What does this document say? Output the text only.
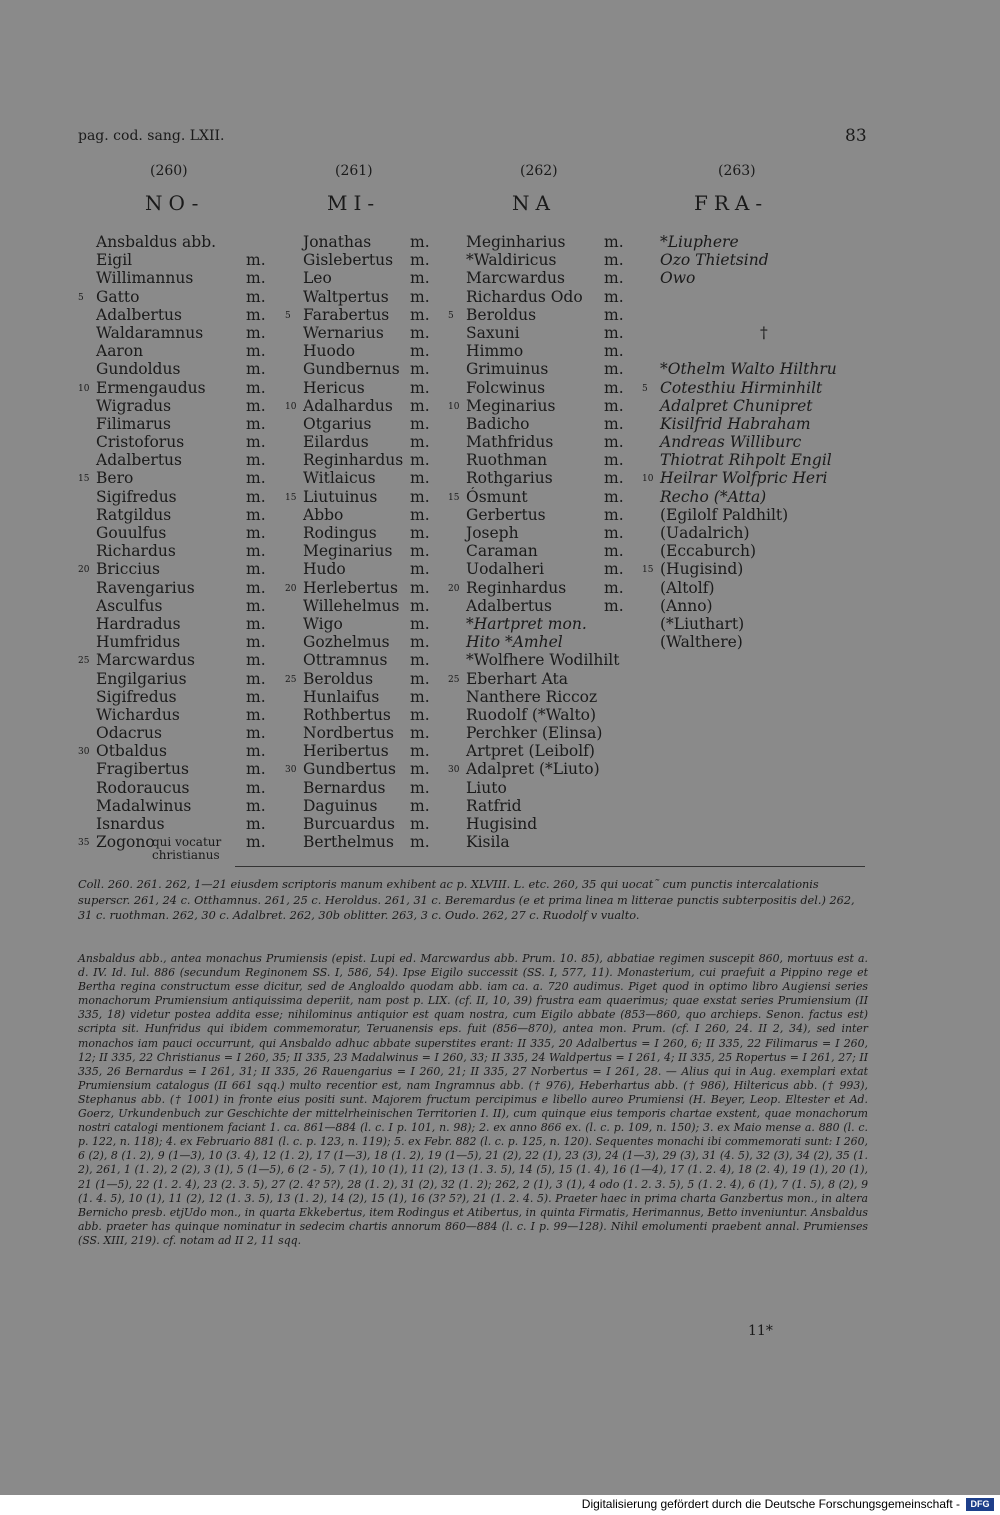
pag. cod. sang. LXII.	83
(260)	(261)	(262)	(263)
NO-	MI-	NA	FRA-
Ansbaldus abb.
Eigil	m.
Willimannus	m.
5 Gatto	m.
Adalbertus	m.
Waldaramnus	m.
Aaron	m.
Gundoldus	m.
10 Ermengaudus	m.
Wigradus	m.
Filimarus	m.
Cristoforus	m.
Adalbertus	m.
15 Bero	m.
Sigifredus	m.
Ratgildus	m.
Gouulfus	m.
Richardus	m.
20 Briccius	m.
Ravengarius	m.
Asculfus	m.
Hardradus	m.
Humfridus	m.
25 Marcwardus	m.
Engilgarius	m.
Sigifredus	m.
Wichardus	m.
Odacrus	m.
30 Otbaldus	m.
Fragibertus	m.
Rodoraucus	m.
Madalwinus	m.
Isnardus	m.
35 Zogono	m.
qui vocatur
christianus
Jonathas	m.
Gislebertus m.
Leo	m.
Waltpertus m.
5 Farabertus m.
Wernarius m.
Huodo	m.
Gundbernus m.
Hericus	m.
10 Adalhardus m.
Otgarius m.
Eilardus	m.
Reginhardus m.
Witlaicus m.
15 Liutuinus m.
Abbo	m.
Rodingus m.
Meginarius m.
Hudo	m.
20 Herlebertus m.
Willehelmus m.
Wigo	m.
Gozhelmus m.
Ottramnus m.
25 Beroldus m.
Hunlaifus m.
Rothbertus m.
Nordbertus m.
Heribertus m.
30 Gundbertus m.
Bernardus m.
Daguinus m.
Burcuardus m.
Berthelmus m.
Meginharius m.
*Waldiricus	m.
Marcwardus	m.
Richardus Odo m.
5 Beroldus	m.
Saxuni	m.
Himmo	m.
Grimuinus	m.
Folcwinus	m.
10 Meginarius	m.
Badicho	m.
Mathfridus	m.
Ruothman	m.
Rothgarius	m.
15 Ósmunt	m.
Gerbertus	m.
Joseph	m.
Caraman	m.
Uodalheri	m.
20 Reginhardus m.
Adalbertus	m.
*Hartpret mon.
Hito *Amhel
*Wolfhere Wodilhilt
25 Eberhart Ata
Nanthere Riccoz
Ruodolf (*Walto)
Perchker (Elinsa)
Artpret (Leibolf)
30 Adalpret (*Liuto)
Liuto
Ratfrid
Hugisind
Kisila
*Liuphere
Ozo Thietsind
Owo
†
*Othelm Walto Hilthru
5 Cotesthiu Hirminhilt
Adalpret Chunipret
Kisilfrid Habraham
Andreas Williburc
Thiotrat Rihpolt Engil
10 Heilrar Wolfpric Heri
Recho (*Atta)
(Egilolf Paldhilt)
(Uadalrich)
(Eccaburch)
15 (Hugisind)
(Altolf)
(Anno)
(*Liuthart)
(Walthere)
Coll. 260. 261. 262, 1—21 eiusdem scriptoris manum exhibent ac p. XLVIII. L. etc. 260, 35 qui uocat˜ cum punctis intercalationis superscr. 261, 24 c. Otthamnus. 261, 25 c. Heroldus. 261, 31 c. Beremardus (e et prima linea m litterae punctis subterpositis del.) 262, 31 c. ruothman. 262, 30 c. Adalbret. 262, 30b oblitter. 263, 3 c. Oudo. 262, 27 c. Ruodolf v vualto.
Ansbaldus abb., antea monachus Prumiensis (epist. Lupi ed. Marcwardus abb. Prum. 10. 85), abbatiae regimen suscepit 860, mortuus est a. d. IV. Id. Iul. 886 (secundum Reginonem SS. I, 586, 54). Ipse Eigilo successit (SS. I, 577, 11). Monasterium, cui praefuit a Pippino rege et Bertha regina constructum esse dicitur, sed de Angloaldo quodam abb. iam ca. a. 720 audimus. Piget quod in optimo libro Augiensi series monachorum Prumiensium antiquissima deperiit, nam post p. LIX. (cf. II, 10, 39) frustra eam quaerimus; quae exstat series Prumiensium (II 335, 18) videtur postea addita esse; nihilominus antiquior est quam nostra, cum Eigilo abbate (853—860, quo archieps. Senon. factus est) scripta sit. Hunfridus qui ibidem commemoratur, Teruanensis eps. fuit (856—870), antea mon. Prum. (cf. I 260, 24. II 2, 34), sed inter monachos iam pauci occurrunt, qui Ansbaldo adhuc abbate superstites erant: II 335, 20 Adalbertus = I 260, 6; II 335, 22 Filimarus = I 260, 12; II 335, 22 Christianus = I 260, 35; II 335, 23 Madalwinus = I 260, 33; II 335, 24 Waldpertus = I 261, 4; II 335, 25 Ropertus = I 261, 27; II 335, 26 Bernardus = I 261, 31; II 335, 26 Rauengarius = I 260, 21; II 335, 27 Norbertus = I 261, 28. — Alius qui in Aug. exemplari extat Prumiensium catalogus (II 661 sqq.) multo recentior est, nam Ingramnus abb. († 976), Heberhartus abb. († 986), Hiltericus abb. († 993), Stephanus abb. († 1001) in fronte eius positi sunt. Majorem fructum percipimus e libello aureo Prumiensi (H. Beyer, Leop. Eltester et Ad. Goerz, Urkundenbuch zur Geschichte der mittelrheinischen Territorien I. II), cum quinque eius temporis chartae exstent, quae monachorum nostri catalogi mentionem faciant 1. ca. 861—884 (l. c. I p. 101, n. 98); 2. ex anno 866 ex. (l. c. p. 109, n. 150); 3. ex Maio mense a. 880 (l. c. p. 122, n. 118); 4. ex Februario 881 (l. c. p. 123, n. 119); 5. ex Febr. 882 (l. c. p. 125, n. 120). Sequentes monachi ibi commemorati sunt: I 260, 6 (2), 8 (1. 2), 9 (1—3), 10 (3. 4), 12 (1. 2), 17 (1—3), 18 (1. 2), 19 (1—5), 21 (2), 22 (1), 23 (3), 24 (1—3), 29 (3), 31 (4. 5), 32 (3), 34 (2), 35 (1. 2), 261, 1 (1. 2), 2 (2), 3 (1), 5 (1—5), 6 (2 - 5), 7 (1), 10 (1), 11 (2), 13 (1. 3. 5), 14 (5), 15 (1. 4), 16 (1—4), 17 (1. 2. 4), 18 (2. 4), 19 (1), 20 (1), 21 (1—5), 22 (1. 2. 4), 23 (2. 3. 5), 27 (2. 4? 5?), 28 (1. 2), 31 (2), 32 (1. 2); 262, 2 (1), 3 (1), 4 odo (1. 2. 3. 5), 5 (1. 2. 4), 6 (1), 7 (1. 5), 8 (2), 9 (1. 4. 5), 10 (1), 11 (2), 12 (1. 3. 5), 13 (1. 2), 14 (2), 15 (1), 16 (3? 5?), 21 (1. 2. 4. 5). Praeter haec in prima charta Ganzbertus mon., in altera Bernicho presb. etjUdo mon., in quarta Ekkebertus, item Rodingus et Atibertus, in quinta Firmatis, Herimannus, Betto inveniuntur. Ansbaldus abb. praeter has quinque nominatur in sedecim chartis annorum 860—884 (l. c. I p. 99—128). Nihil emolumenti praebent annal. Prumienses (SS. XIII, 219). cf. notam ad II 2, 11 sqq.
11*
Digitalisierung gefördert durch die Deutsche Forschungsgemeinschaft -	DFG
